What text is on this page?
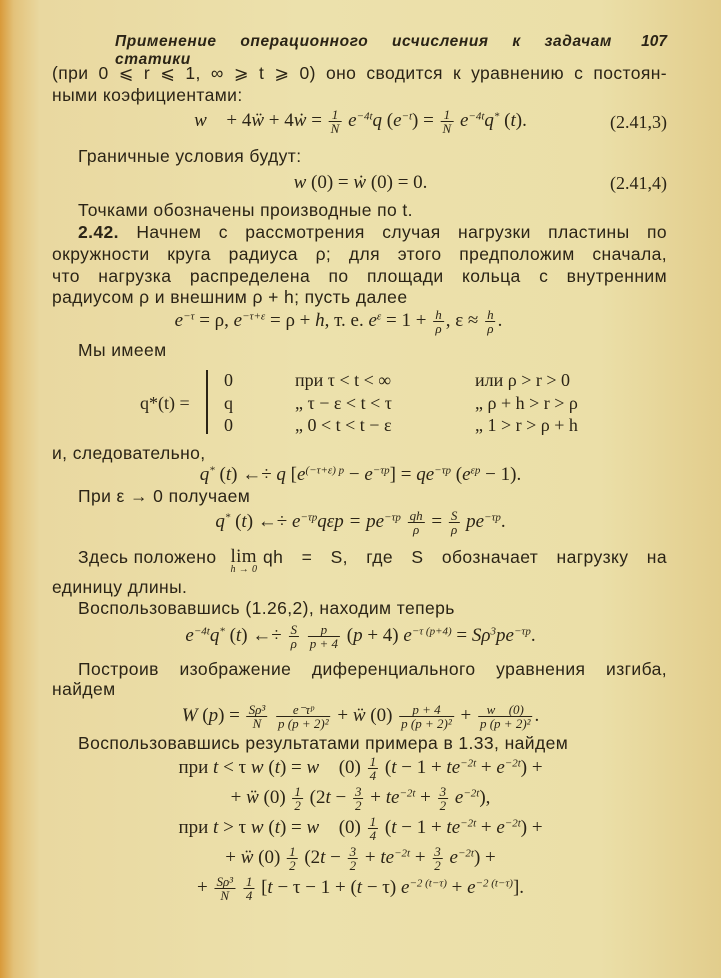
Применение операционного исчисления к задачам статики
107
(при 0 ⩽ r ⩽ 1, ∞ ⩾ t ⩾ 0) оно сводится к уравнению с постоян-
ными коэфициентами:
w⃛ + 4ẅ + 4ẇ = $\frac{1}{N} e^{-4t}q$ $(e^{-t}) = \frac{1}{N} e^{-4t}q^*$ (t).	(2.41,3)
Граничные условия будут:
w (0) = ẇ (0) = 0.	(2.41,4)
Точками обозначены производные по t.
2.42. Начнем с рассмотрения случая нагрузки пластины по
окружности круга радиуса ρ; для этого предположим сначала,
что нагрузка распределена по площади кольца с внутренним
радиусом ρ и внешним ρ + h; пусть далее
$e^{-\tau} = \rho$, $e^{-\tau+\varepsilon} = \rho + h$, т. е. $e^\varepsilon = 1 + \frac{h}{\rho}$ , $\varepsilon \approx \frac{h}{\rho}$ .
Мы имеем
q*(t) =
0	при τ < t < ∞	или ρ > r > 0
q	„ τ − ε < t < τ	„ ρ + h > r > ρ
0	„ 0 < t < t − ε	„ 1 > r > ρ + h
и, следовательно,
q* (t) ←÷ q $[e^{(-\tau+\varepsilon) p} - e^{-\tau p}] = qe^{-\tau p}$ $(e^{\varepsilon p} - 1)$.
При ε → 0 получаем
q* (t) ←÷ $e^{-\tau p}q\varepsilon p = pe^{-\tau p} \frac{qh}{\rho} = \frac{S}{\rho} pe^{-\tau p}$.
Здесь положено lim
h → 0
qh = S, где S обозначает нагрузку на
единицу длины.
Воспользовавшись (1.26,2), находим теперь
$e^{-4t}q^*$ (t) ←÷ $\frac{S}{\rho}$
$\frac{p}{p + 4} (p + 4) e^{-\tau (p+4)} = S\rho^3pe^{-\tau p}$.
Построив изображение диференциального уравнения изгиба,
найдем
W $(p) = \frac{\text{Sρ³}}{N}$
$\frac{\text{e⁻τᵖ}}{\text{p (p + 2)²}}$ + ẅ $(0) \frac{p + 4}{\text{p (p + 2)²}} + \frac{w⃛ (0)}{\text{p (p + 2)²}}$ .
Воспользовавшись результатами примера в 1.33, найдем
при t < τ w (t) = w⃛ $(0) \frac{1}{4} (t - 1 + te^{-2t} + e^{-2t})$ +
+ ẅ $(0) \frac{1}{2} (2t - \frac{3}{2} + te^{-2t} + \frac{3}{2} e^{-2t})$,
при t > τ w (t) = w⃛ $(0) \frac{1}{4} (t - 1 + te^{-2t} + e^{-2t})$ +
+ ẅ $(0) \frac{1}{2} (2t - \frac{3}{2} + te^{-2t} + \frac{3}{2} e^{-2t})$ +
+ $\frac{\text{Sρ³}}{N}$
$\frac{1}{4} [t - \tau - 1 + (t - \tau) e^{-2 (t-\tau)} + e^{-2 (t-\tau)}]$.
